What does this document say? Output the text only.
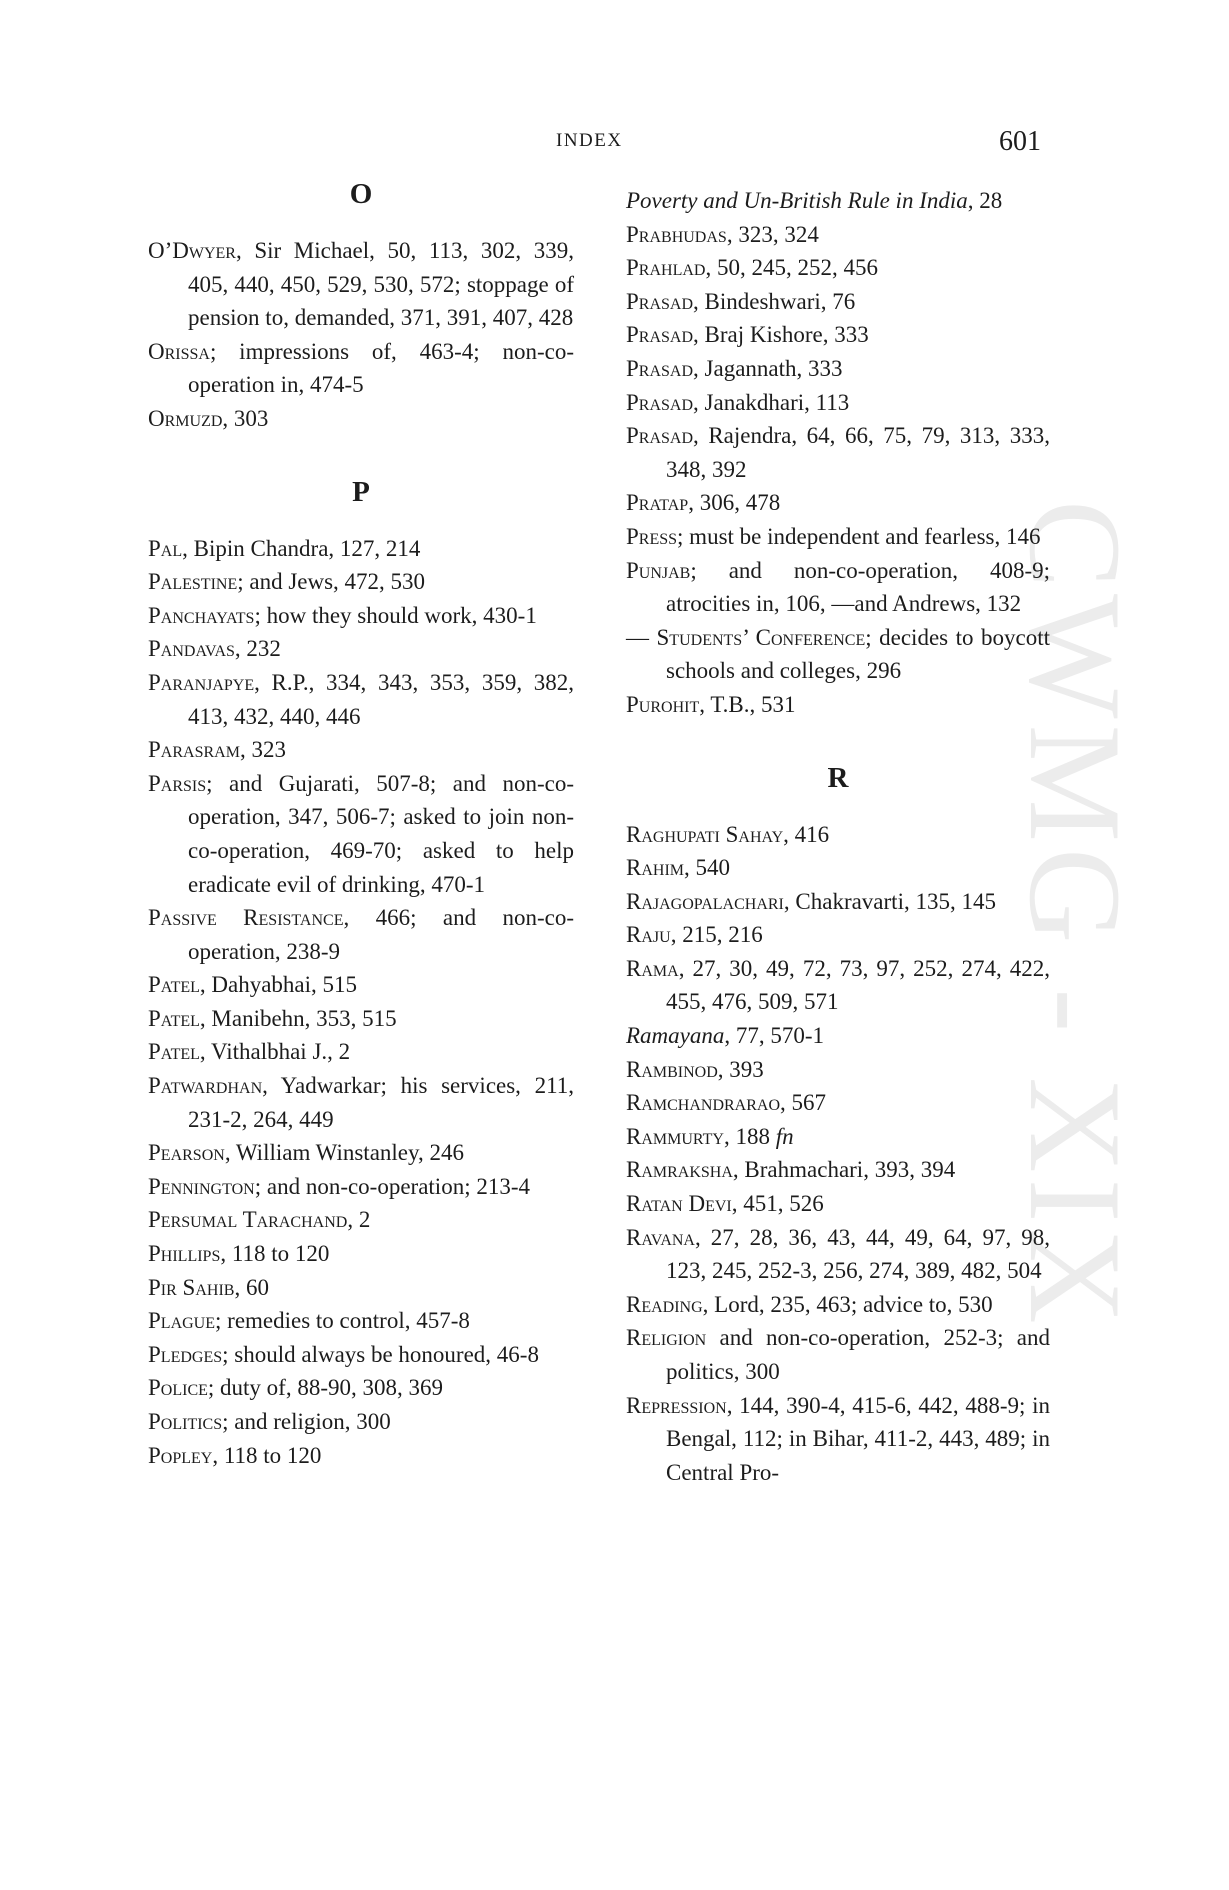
INDEX	601
CWMG - XIX
O
O’Dwyer, Sir Michael, 50, 113, 302, 339, 405, 440, 450, 529, 530, 572; stoppage of pension to, demanded, 371, 391, 407, 428
Orissa; impressions of, 463-4; non-co-operation in, 474-5
Ormuzd, 303
P
Pal, Bipin Chandra, 127, 214
Palestine; and Jews, 472, 530
Panchayats; how they should work, 430-1
Pandavas, 232
Paranjapye, R.P., 334, 343, 353, 359, 382, 413, 432, 440, 446
Parasram, 323
Parsis; and Gujarati, 507-8; and non-co-operation, 347, 506-7; asked to join non-co-operation, 469-70; asked to help eradicate evil of drinking, 470-1
Passive Resistance, 466; and non-co-operation, 238-9
Patel, Dahyabhai, 515
Patel, Manibehn, 353, 515
Patel, Vithalbhai J., 2
Patwardhan, Yadwarkar; his services, 211, 231-2, 264, 449
Pearson, William Winstanley, 246
Pennington; and non-co-operation; 213-4
Persumal Tarachand, 2
Phillips, 118 to 120
Pir Sahib, 60
Plague; remedies to control, 457-8
Pledges; should always be honoured, 46-8
Police; duty of, 88-90, 308, 369
Politics; and religion, 300
Popley, 118 to 120
Poverty and Un-British Rule in India, 28
Prabhudas, 323, 324
Prahlad, 50, 245, 252, 456
Prasad, Bindeshwari, 76
Prasad, Braj Kishore, 333
Prasad, Jagannath, 333
Prasad, Janakdhari, 113
Prasad, Rajendra, 64, 66, 75, 79, 313, 333, 348, 392
Pratap, 306, 478
Press; must be independent and fearless, 146
Punjab; and non-co-operation, 408-9; atrocities in, 106, —and Andrews, 132
— Students’ Conference; decides to boycott schools and colleges, 296
Purohit, T.B., 531
R
Raghupati Sahay, 416
Rahim, 540
Rajagopalachari, Chakravarti, 135, 145
Raju, 215, 216
Rama, 27, 30, 49, 72, 73, 97, 252, 274, 422, 455, 476, 509, 571
Ramayana, 77, 570-1
Rambinod, 393
Ramchandrarao, 567
Rammurty, 188 fn
Ramraksha, Brahmachari, 393, 394
Ratan Devi, 451, 526
Ravana, 27, 28, 36, 43, 44, 49, 64, 97, 98, 123, 245, 252-3, 256, 274, 389, 482, 504
Reading, Lord, 235, 463; advice to, 530
Religion and non-co-operation, 252-3; and politics, 300
Repression, 144, 390-4, 415-6, 442, 488-9; in Bengal, 112; in Bihar, 411-2, 443, 489; in Central Pro-
